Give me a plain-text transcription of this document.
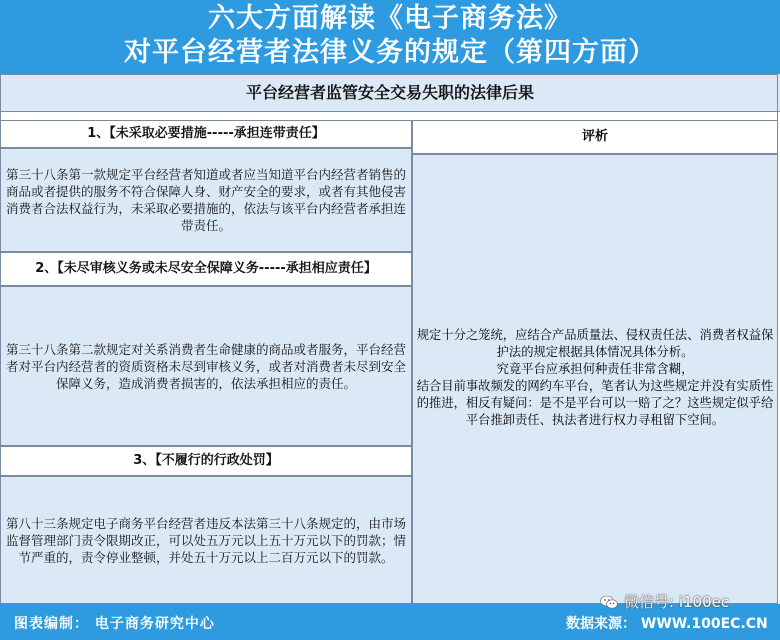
六大方面解读《电子商务法》
对平台经营者法律义务的规定（第四方面）
平台经营者监管安全交易失职的法律后果
1、【未采取必要措施-----承担连带责任】
第三十八条第一款规定平台经营者知道或者应当知道平台内经营者销售的商品或者提供的服务不符合保障人身、财产安全的要求，或者有其他侵害消费者合法权益行为，未采取必要措施的，依法与该平台内经营者承担连带责任。
2、【未尽审核义务或未尽安全保障义务-----承担相应责任】
第三十八条第二款规定对关系消费者生命健康的商品或者服务，平台经营者对平台内经营者的资质资格未尽到审核义务，或者对消费者未尽到安全保障义务，造成消费者损害的，依法承担相应的责任。
3、【不履行的行政处罚】
第八十三条规定电子商务平台经营者违反本法第三十八条规定的，由市场监督管理部门责令限期改正，可以处五万元以上五十万元以下的罚款；情节严重的，责令停业整顿，并处五十万元以上二百万元以下的罚款。
评析
规定十分之笼统，应结合产品质量法、侵权责任法、消费者权益保护法的规定根据具体情况具体分析。
究竟平台应承担何种责任非常含糊，
结合目前事故频发的网约车平台，笔者认为这些规定并没有实质性的推进，相反有疑问：是不是平台可以一赔了之？这些规定似乎给平台推卸责任、执法者进行权力寻租留下空间。
图表编制： 电子商务研究中心	数据来源： WWW.100EC.CN
微信号: i100ec
